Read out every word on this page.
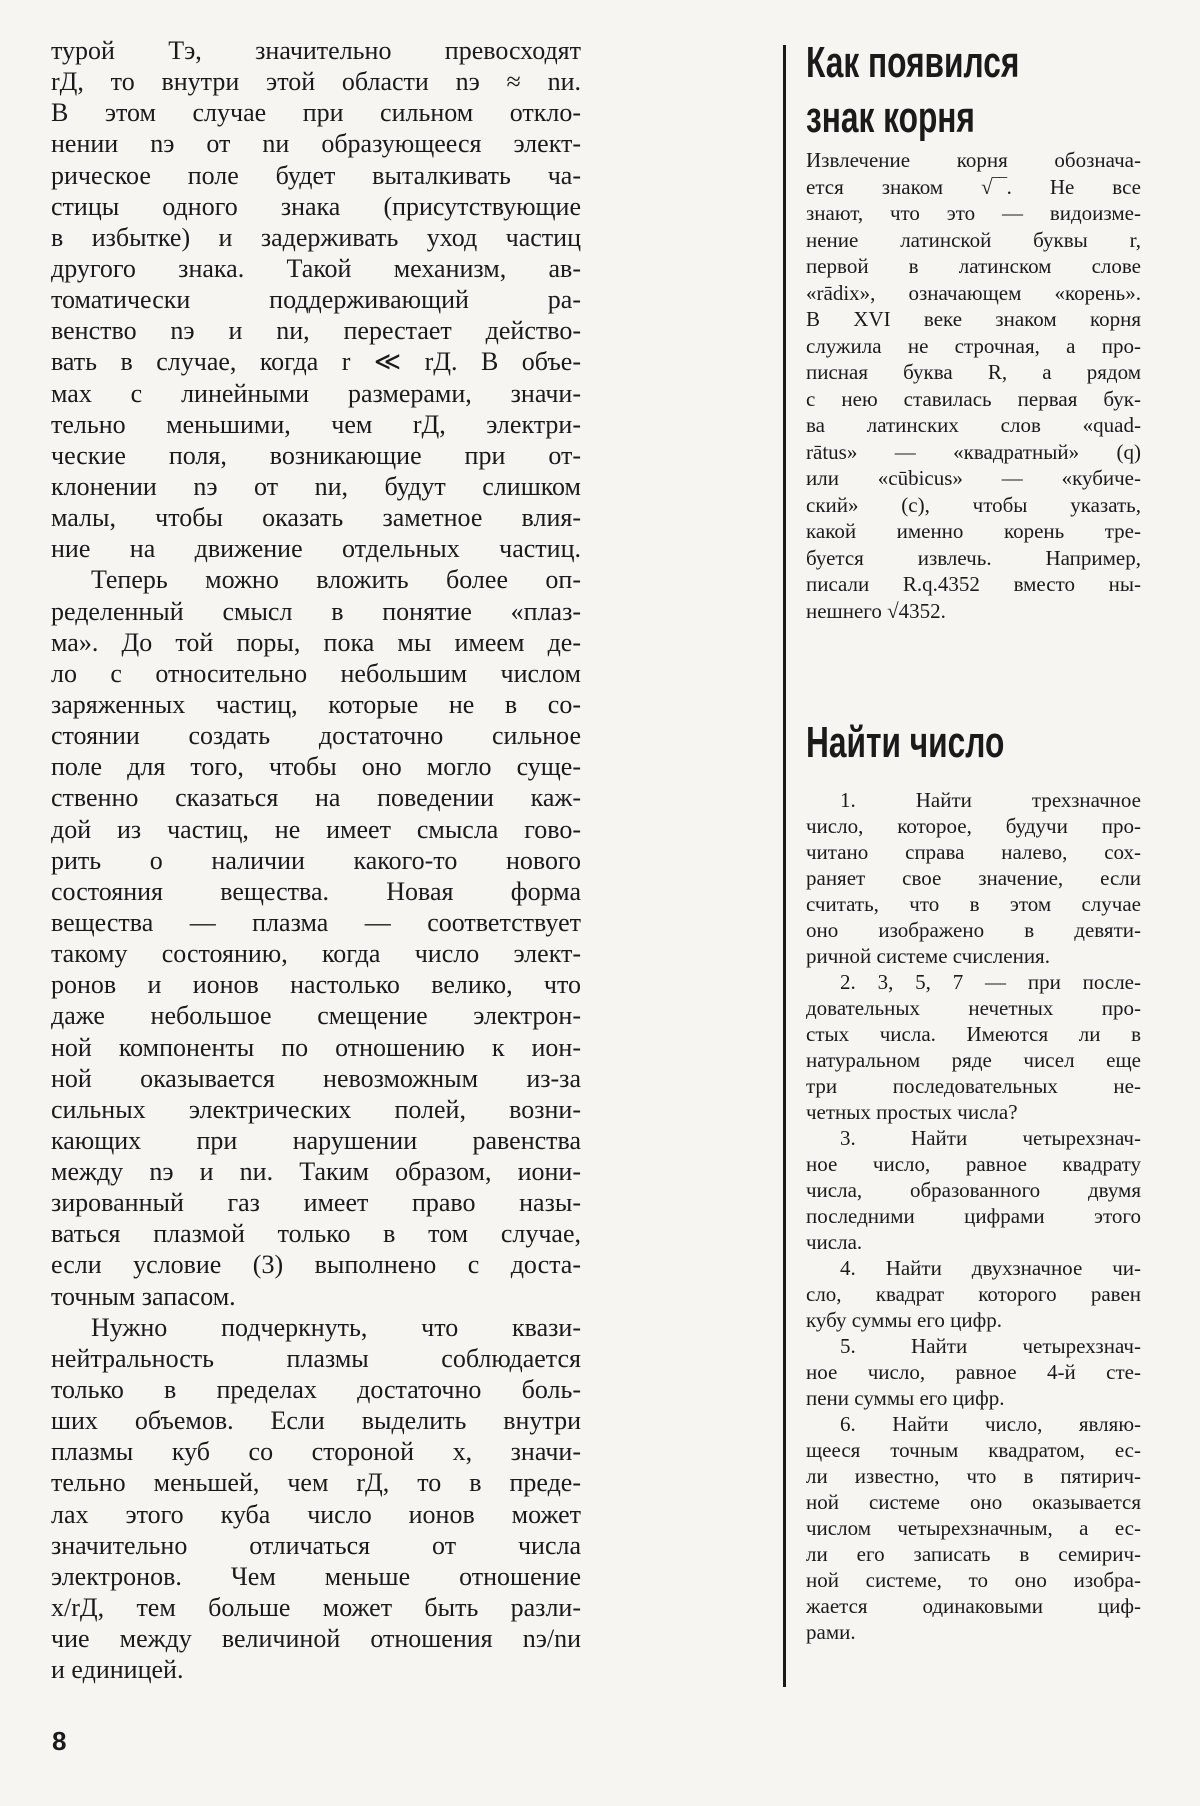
турой Tэ, значительно превосходят
rД, то внутри этой области nэ ≈ nи.
В этом случае при сильном откло-
нении nэ от nи образующееся элект-
рическое поле будет выталкивать ча-
стицы одного знака (присутствующие
в избытке) и задерживать уход частиц
другого знака. Такой механизм, ав-
томатически поддерживающий ра-
венство nэ и nи, перестает действо-
вать в случае, когда r ≪ rД. В объе-
мах с линейными размерами, значи-
тельно меньшими, чем rД, электри-
ческие поля, возникающие при от-
клонении nэ от nи, будут слишком
малы, чтобы оказать заметное влия-
ние на движение отдельных частиц.
Теперь можно вложить более оп-
ределенный смысл в понятие «плаз-
ма». До той поры, пока мы имеем де-
ло с относительно небольшим числом
заряженных частиц, которые не в со-
стоянии создать достаточно сильное
поле для того, чтобы оно могло суще-
ственно сказаться на поведении каж-
дой из частиц, не имеет смысла гово-
рить о наличии какого-то нового
состояния вещества. Новая форма
вещества — плазма — соответствует
такому состоянию, когда число элект-
ронов и ионов настолько велико, что
даже небольшое смещение электрон-
ной компоненты по отношению к ион-
ной оказывается невозможным из-за
сильных электрических полей, возни-
кающих при нарушении равенства
между nэ и nи. Таким образом, иони-
зированный газ имеет право назы-
ваться плазмой только в том случае,
если условие (3) выполнено с доста-
точным запасом.
Нужно подчеркнуть, что квази-
нейтральность плазмы соблюдается
только в пределах достаточно боль-
ших объемов. Если выделить внутри
плазмы куб со стороной x, значи-
тельно меньшей, чем rД, то в преде-
лах этого куба число ионов может
значительно отличаться от числа
электронов. Чем меньше отношение
x/rД, тем больше может быть разли-
чие между величиной отношения nэ/nи
и единицей.
Как появился
знак корня
Извлечение корня обознача-
ется знаком √‾‾. Не все
знают, что это — видоизме-
нение латинской буквы r,
первой в латинском слове
«rādix», означающем «корень».
В XVI веке знаком корня
служила не строчная, а про-
писная буква R, а рядом
с нею ставилась первая бук-
ва латинских слов «quad-
rātus» — «квадратный» (q)
или «cūbicus» — «кубиче-
ский» (c), чтобы указать,
какой именно корень тре-
буется извлечь. Например,
писали R.q.4352 вместо ны-
нешнего √4352.
Найти число
1. Найти трехзначное
число, которое, будучи про-
читано справа налево, сох-
раняет свое значение, если
считать, что в этом случае
оно изображено в девяти-
ричной системе счисления.
2. 3, 5, 7 — при после-
довательных нечетных про-
стых числа. Имеются ли в
натуральном ряде чисел еще
три последовательных не-
четных простых числа?
3. Найти четырехзнач-
ное число, равное квадрату
числа, образованного двумя
последними цифрами этого
числа.
4. Найти двухзначное чи-
сло, квадрат которого равен
кубу суммы его цифр.
5. Найти четырехзнач-
ное число, равное 4-й сте-
пени суммы его цифр.
6. Найти число, являю-
щееся точным квадратом, ес-
ли известно, что в пятирич-
ной системе оно оказывается
числом четырехзначным, а ес-
ли его записать в семирич-
ной системе, то оно изобра-
жается одинаковыми циф-
рами.
8
